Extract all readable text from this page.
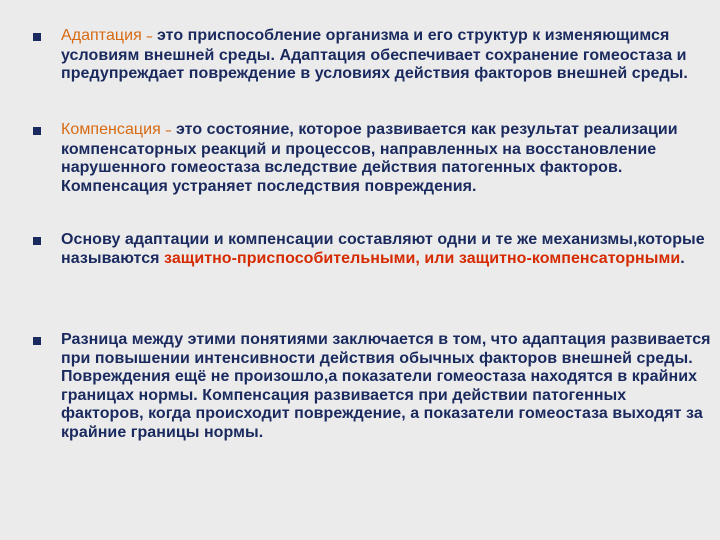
Адаптация – это приспособление организма и его структур к изменяющимся условиям внешней среды. Адаптация обеспечивает сохранение гомеостаза и предупреждает повреждение в условиях действия факторов внешней среды.
Компенсация – это состояние, которое развивается как результат реализации компенсаторных реакций и процессов, направленных на восстановление нарушенного гомеостаза вследствие действия патогенных факторов. Компенсация устраняет последствия повреждения.
Основу адаптации и компенсации составляют одни и те же механизмы,которые называются защитно-приспособительными, или защитно-компенсаторными.
Разница между этими понятиями заключается в том, что адаптация развивается при повышении интенсивности действия обычных факторов внешней среды. Повреждения ещё не произошло,а показатели гомеостаза находятся в крайних границах нормы. Компенсация развивается при действии патогенных факторов, когда происходит повреждение, а показатели гомеостаза выходят за крайние границы нормы.
